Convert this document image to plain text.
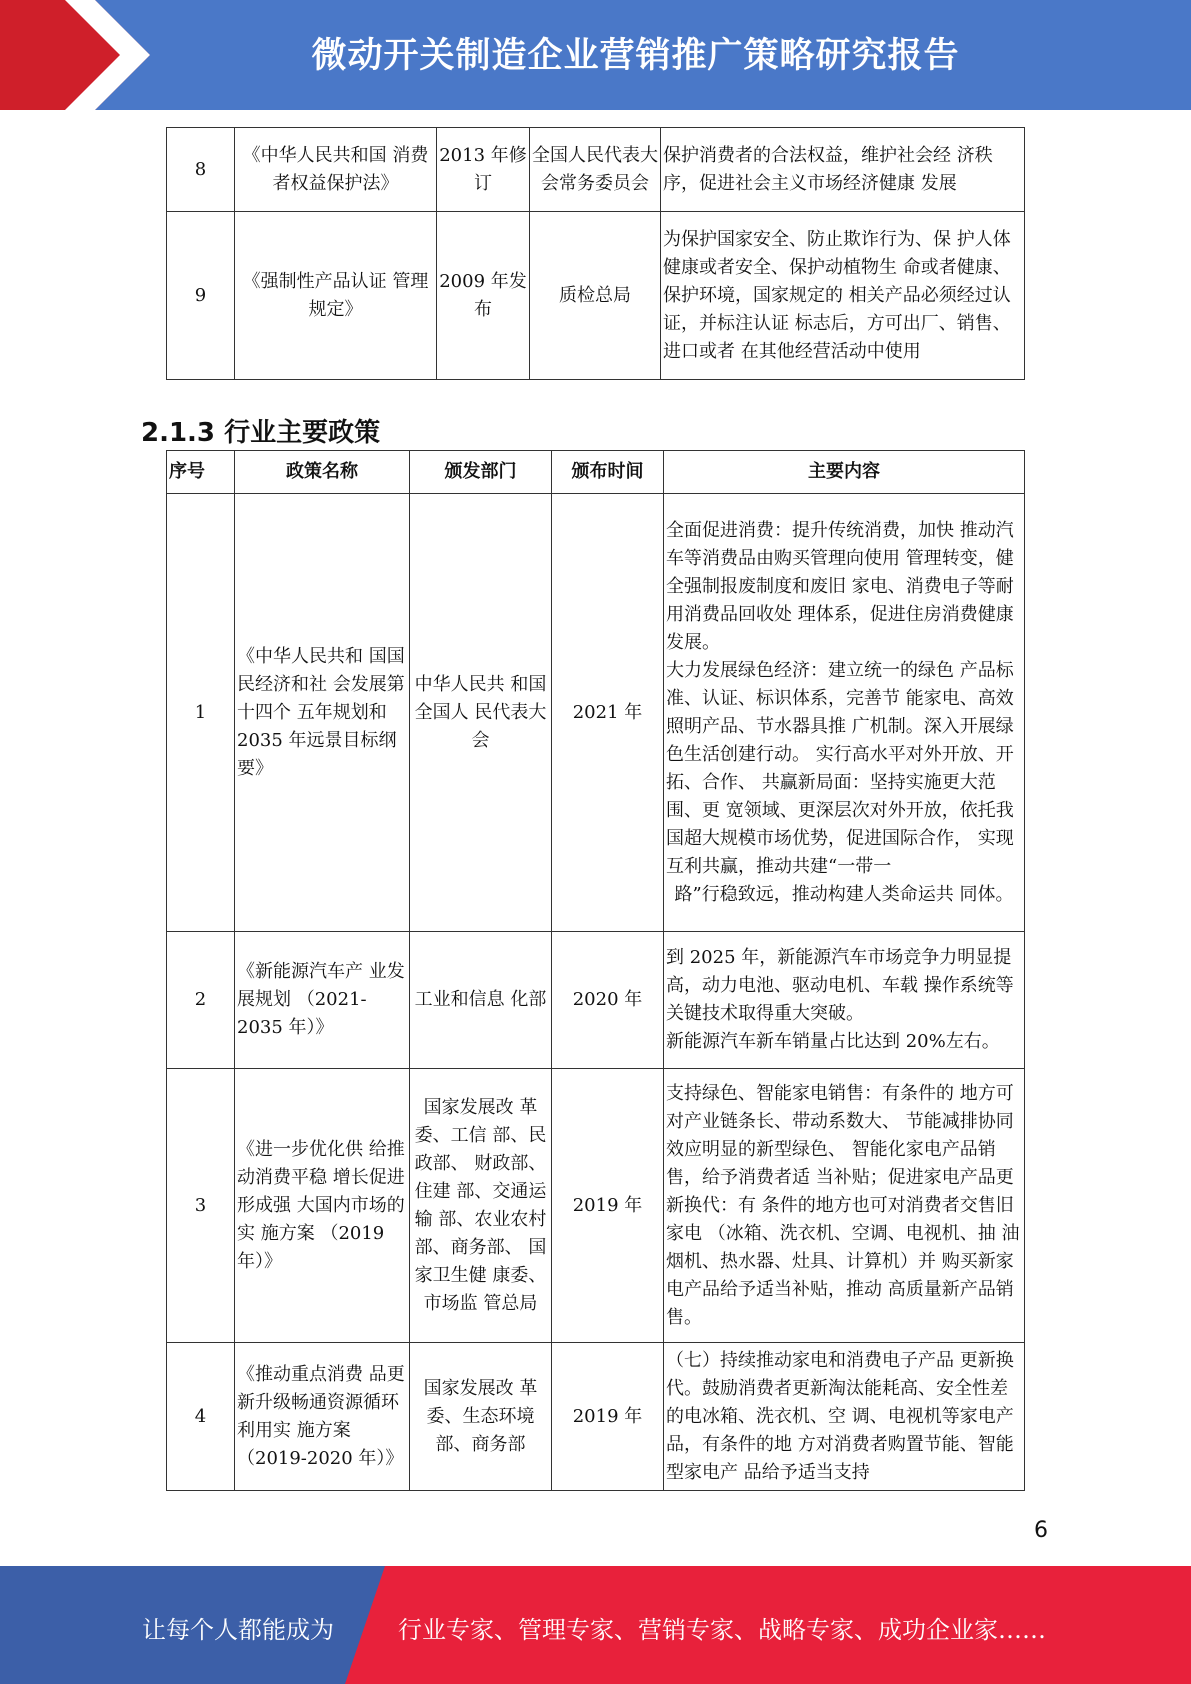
微动开关制造企业营销推广策略研究报告
8	《中华人民共和国 消费者权益保护法》	2013 年修订	全国人民代表大会常务委员会	保护消费者的合法权益，维护社会经 济秩序，促进社会主义市场经济健康 发展
9	《强制性产品认证 管理规定》	2009 年发布	质检总局	为保护国家安全、防止欺诈行为、保 护人体健康或者安全、保护动植物生 命或者健康、保护环境，国家规定的 相关产品必须经过认证，并标注认证 标志后，方可出厂、销售、进口或者 在其他经营活动中使用
2.1.3 行业主要政策
序号	政策名称	颁发部门	颁布时间	主要内容
1	《中华人民共和 国国民经济和社 会发展第十四个 五年规划和 2035 年远景目标纲 要》	中华人民共 和国全国人 民代表大会	2021 年	全面促进消费：提升传统消费，加快 推动汽车等消费品由购买管理向使用 管理转变，健全强制报废制度和废旧 家电、消费电子等耐用消费品回收处 理体系，促进住房消费健康发展。
大力发展绿色经济：建立统一的绿色 产品标准、认证、标识体系，完善节 能家电、高效照明产品、节水器具推 广机制。深入开展绿色生活创建行动。 实行高水平对外开放、开拓、合作、 共赢新局面：坚持实施更大范围、更 宽领域、更深层次对外开放，依托我 国超大规模市场优势，促进国际合作， 实现互利共赢，推动共建“一带一
路”行稳致远，推动构建人类命运共 同体。

2	《新能源汽车产 业发展规划 （2021-2035 年）》	工业和信息 化部	2020 年	到 2025 年，新能源汽车市场竞争力明显提高，动力电池、驱动电机、车载 操作系统等关键技术取得重大突破。
新能源汽车新车销量占比达到 20%左右。

3	《进一步优化供 给推动消费平稳 增长促进形成强 大国内市场的实 施方案 （2019 年）》	国家发展改 革委、工信 部、民政部、 财政部、住建 部、交通运输 部、农业农村 部、商务部、 国家卫生健 康委、市场监 管总局	2019 年	支持绿色、智能家电销售：有条件的 地方可对产业链条长、带动系数大、 节能减排协同效应明显的新型绿色、 智能化家电产品销售，给予消费者适 当补贴；促进家电产品更新换代：有 条件的地方也可对消费者交售旧家电 （冰箱、洗衣机、空调、电视机、抽 油烟机、热水器、灶具、计算机）并 购买新家电产品给予适当补贴，推动 高质量新产品销售。
4	《推动重点消费 品更新升级畅通资源循环利用实 施方案 （2019-2020 年）》	国家发展改 革委、生态环境部、商务部	2019 年	（七）持续推动家电和消费电子产品 更新换代。鼓励消费者更新淘汰能耗高、安全性差的电冰箱、洗衣机、空 调、电视机等家电产品，有条件的地 方对消费者购置节能、智能型家电产 品给予适当支持
6
让每个人都能成为	行业专家、管理专家、营销专家、战略专家、成功企业家……
